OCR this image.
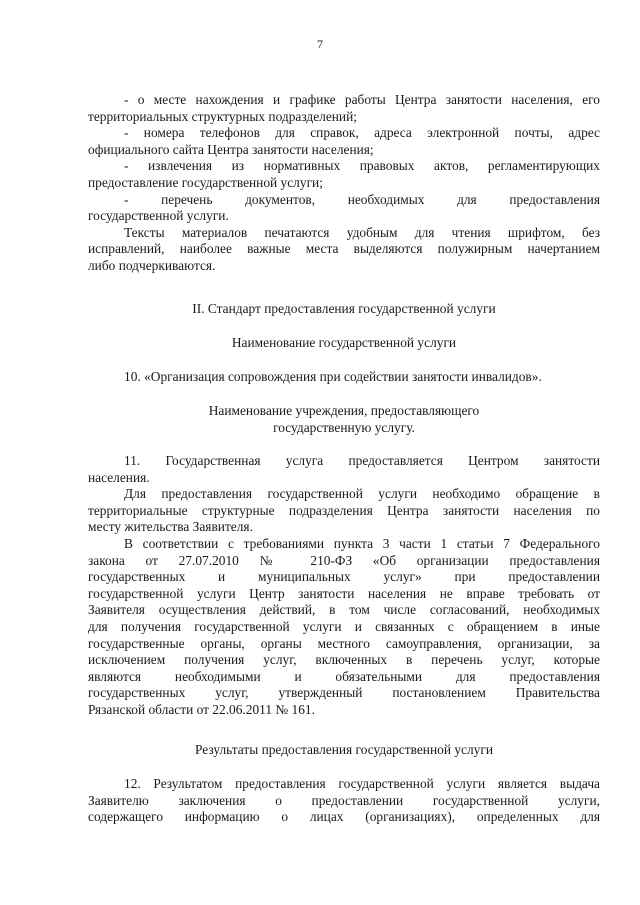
7

- о месте нахождения и графике работы Центра занятости населения, его
территориальных структурных подразделений;

- номера телефонов для справок, адреса электронной почты, адрес
официального сайта Центра занятости населения;

- извлечения из нормативных правовых актов, регламентирующих
предоставление государственной услуги;

- перечень документов, необходимых для предоставления
государственной услуги.

Тексты материалов печатаются удобным для чтения шрифтом, без
исправлений, наиболее важные места выделяются полужирным начертанием
либо подчеркиваются.

II. Стандарт предоставления государственной услуги
Наименование государственной услуги
10. «Организация сопровождения при содействии занятости инвалидов».
Наименование учреждения, предоставляющего
государственную услугу.

11. Государственная услуга предоставляется Центром занятости
населения.

Для предоставления государственной услуги необходимо обращение в
территориальные структурные подразделения Центра занятости населения по
месту жительства Заявителя.

В соответствии с требованиями пункта 3 части 1 статьи 7 Федерального
закона от 27.07.2010 № 210-ФЗ «Об организации предоставления
государственных и муниципальных услуг» при предоставлении
государственной услуги Центр занятости населения не вправе требовать от
Заявителя осуществления действий, в том числе согласований, необходимых
для получения государственной услуги и связанных с обращением в иные
государственные органы, органы местного самоуправления, организации, за
исключением получения услуг, включенных в перечень услуг, которые
являются необходимыми и обязательными для предоставления
государственных услуг, утвержденный постановлением Правительства
Рязанской области от 22.06.2011 № 161.

Результаты предоставления государственной услуги

12. Результатом предоставления государственной услуги является выдача
Заявителю заключения о предоставлении государственной услуги,
содержащего информацию о лицах (организациях), определенных для
